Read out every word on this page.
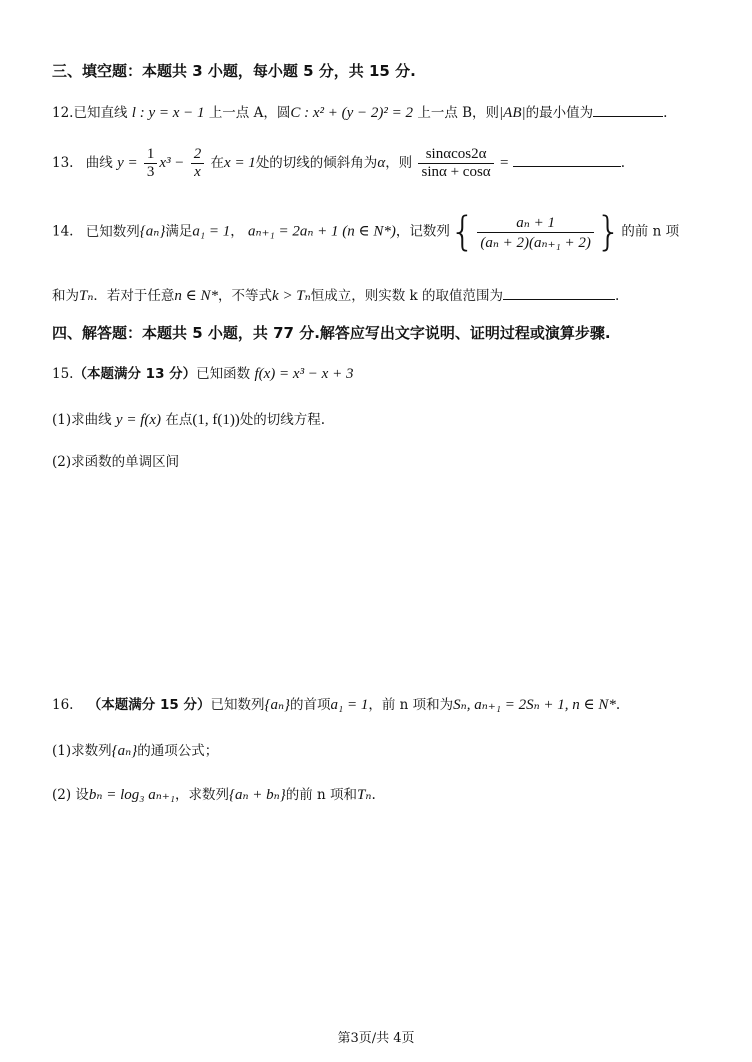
三、填空题：本题共 3 小题，每小题 5 分，共 15 分.
12.已知直线 l : y = x − 1 上一点 A，圆C : x² + (y − 2)² = 2 上一点 B，则|AB|的最小值为	.
13. 曲线 $y = \frac{1}{3} x^3 - \frac{2}{x}$ 在x = 1处的切线的倾斜角为α，则 $\frac{\sin\alpha\cos 2\alpha}{\sin\alpha + \cos\alpha}$ =	.
14. 已知数列{aₙ}满足a₁ = 1， aₙ₊₁ = 2aₙ + 1 (n ∈ N*)，记数列{ $\frac{\text{aₙ + 1}}{\text{(aₙ + 2)(aₙ₊₁ + 2)}}$ }的前 n 项
和为Tₙ．若对于任意n ∈ N*，不等式k > Tₙ恒成立，则实数 k 的取值范围为	.
四、解答题：本题共 5 小题，共 77 分.解答应写出文字说明、证明过程或演算步骤.
15.（本题满分 13 分）已知函数 f(x) = x³ − x + 3
(1)求曲线 y = f(x) 在点(1, f(1))处的切线方程.
(2)求函数的单调区间
16. （本题满分 15 分）已知数列{aₙ}的首项a₁ = 1，前 n 项和为Sₙ, aₙ₊₁ = 2Sₙ + 1, n ∈ N*.
(1)求数列{aₙ}的通项公式；
(2) 设bₙ = log₃ aₙ₊₁，求数列{aₙ + bₙ}的前 n 项和Tₙ.
第3页/共 4页
